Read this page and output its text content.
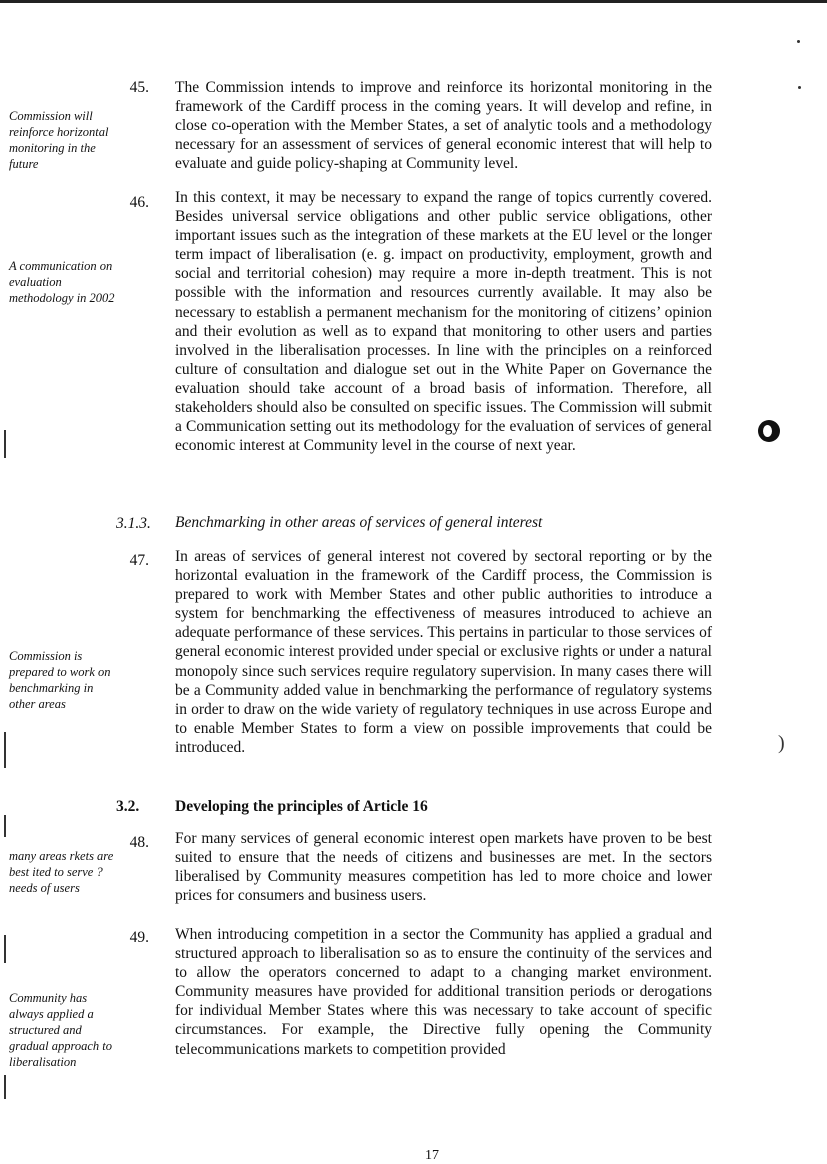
)
45. The Commission intends to improve and reinforce its horizontal monitoring in the framework of the Cardiff process in the coming years. It will develop and refine, in close co-operation with the Member States, a set of analytic tools and a methodology necessary for an assessment of services of general economic interest that will help to evaluate and guide policy-shaping at Community level.

Commission will reinforce horizontal monitoring in the future

46. In this context, it may be necessary to expand the range of topics currently covered. Besides universal service obligations and other public service obligations, other important issues such as the integration of these markets at the EU level or the longer term impact of liberalisation (e. g. impact on productivity, employment, growth and social and territorial cohesion) may require a more in-depth treatment. This is not possible with the information and resources currently available. It may also be necessary to establish a permanent mechanism for the monitoring of citizens’ opinion and their evolution as well as to expand that monitoring to other users and parties involved in the liberalisation processes. In line with the principles on a reinforced culture of consultation and dialogue set out in the White Paper on Governance the evaluation should take account of a broad basis of information. Therefore, all stakeholders should also be consulted on specific issues. The Commission will submit a Communication setting out its methodology for the evaluation of services of general economic interest at Community level in the course of next year.

A communication on evaluation methodology in 2002

3.1.3. Benchmarking in other areas of services of general interest
47. In areas of services of general interest not covered by sectoral reporting or by the horizontal evaluation in the framework of the Cardiff process, the Commission is prepared to work with Member States and other public authorities to introduce a system for benchmarking the effectiveness of measures introduced to achieve an adequate performance of these services. This pertains in particular to those services of general economic interest provided under special or exclusive rights or under a natural monopoly since such services require regulatory supervision. In many cases there will be a Community added value in benchmarking the performance of regulatory systems in order to draw on the wide variety of regulatory techniques in use across Europe and to enable Member States to form a view on possible improvements that could be introduced.

Commission is prepared to work on benchmarking in other areas

3.2. Developing the principles of Article 16
48. For many services of general economic interest open markets have proven to be best suited to ensure that the needs of citizens and businesses are met. In the sectors liberalised by Community measures competition has led to more choice and lower prices for consumers and business users.

many areas rkets are best ited to serve ? needs of users

49. When introducing competition in a sector the Community has applied a gradual and structured approach to liberalisation so as to ensure the continuity of the services and to allow the operators concerned to adapt to a changing market environment. Community measures have provided for additional transition periods or derogations for individual Member States where this was necessary to take account of specific circumstances. For example, the Directive fully opening the Community telecommunications markets to competition provided

Community has always applied a structured and gradual approach to liberalisation

17
